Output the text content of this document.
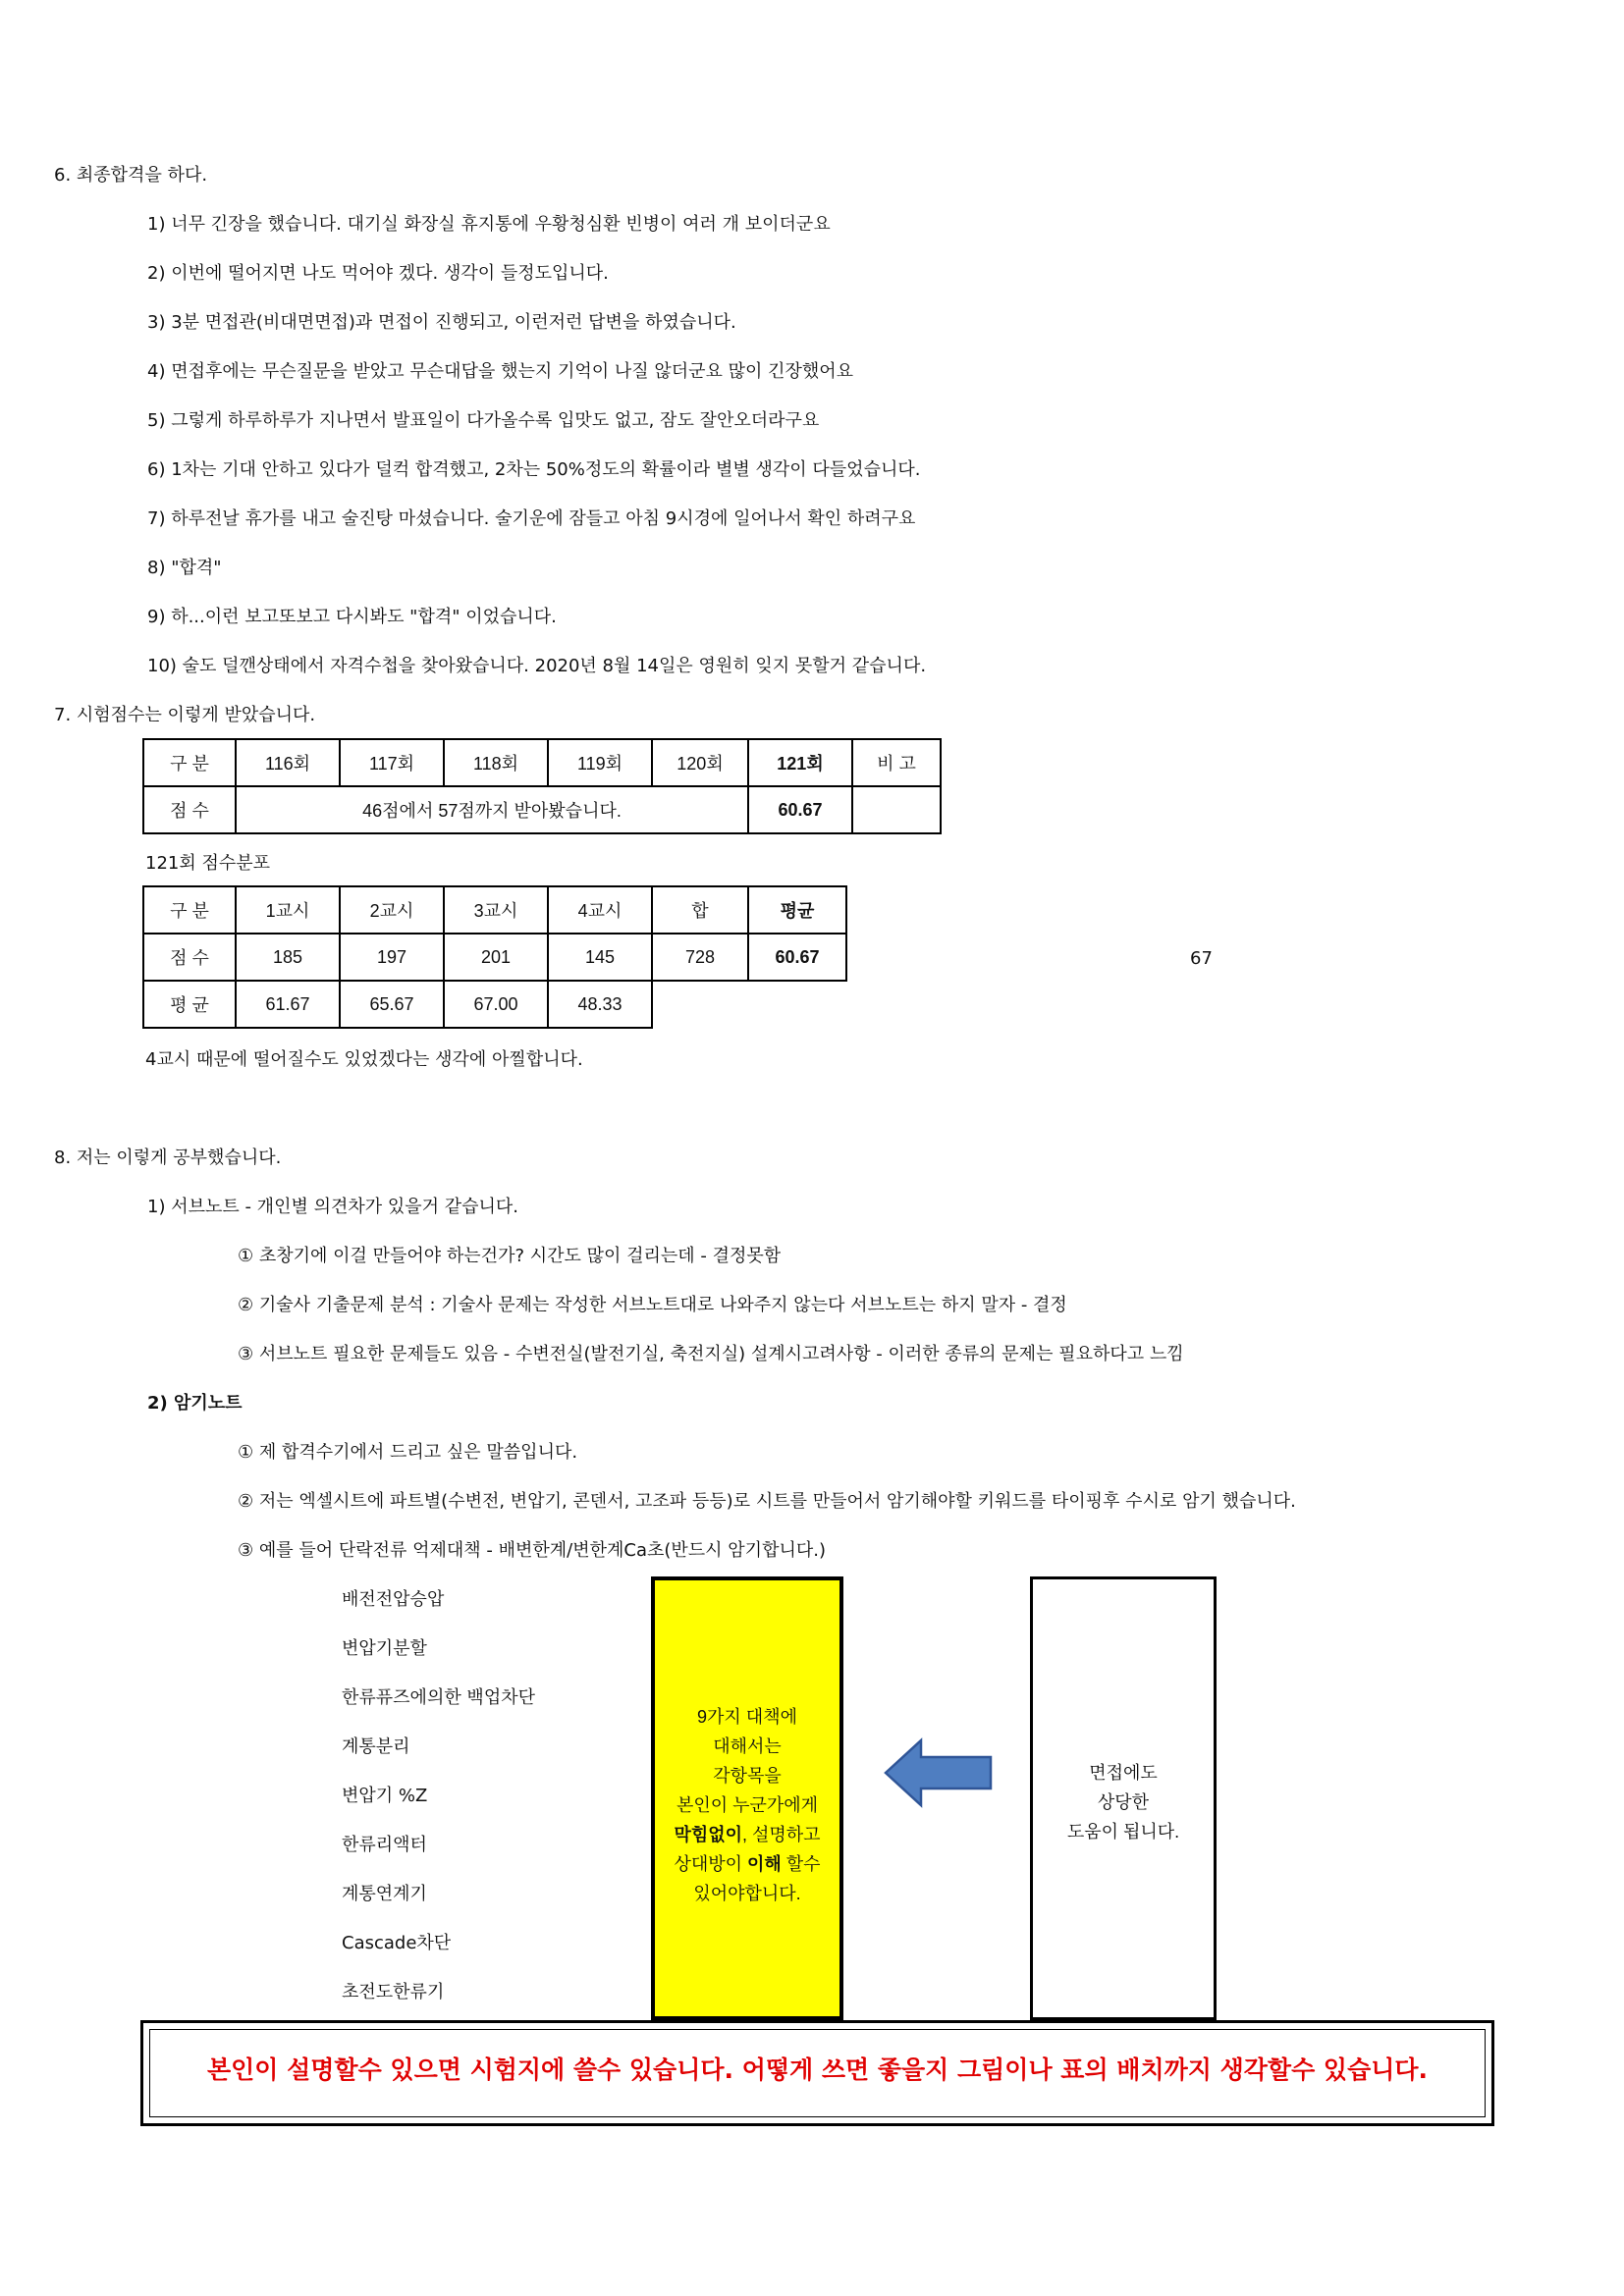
6. 최종합격을 하다.
1) 너무 긴장을 했습니다. 대기실 화장실 휴지통에 우황청심환 빈병이 여러 개 보이더군요
2) 이번에 떨어지면 나도 먹어야 겠다. 생각이 들정도입니다.
3) 3분 면접관(비대면면접)과 면접이 진행되고, 이런저런 답변을 하였습니다.
4) 면접후에는 무슨질문을 받았고 무슨대답을 했는지 기억이 나질 않더군요 많이 긴장했어요
5) 그렇게 하루하루가 지나면서 발표일이 다가올수록 입맛도 없고, 잠도 잘안오더라구요
6) 1차는 기대 안하고 있다가 덜컥 합격했고, 2차는 50%정도의 확률이라 별별 생각이 다들었습니다.
7) 하루전날 휴가를 내고 술진탕 마셨습니다. 술기운에 잠들고 아침 9시경에 일어나서 확인 하려구요
8) "합격"
9) 하...이런 보고또보고 다시봐도 "합격" 이었습니다.
10) 술도 덜깬상태에서 자격수첩을 찾아왔습니다. 2020년 8월 14일은 영원히 잊지 못할거 같습니다.
7. 시험점수는 이렇게 받았습니다.
구 분	116회	117회	118회	119회	120회	121회	비 고
점 수	46점에서 57점까지 받아봤습니다.					60.67	
121회 점수분포
구 분	1교시	2교시	3교시	4교시	합	평균
점 수	185	197	201	145	728	60.67
평 균	61.67	65.67	67.00	48.33		
67
4교시 때문에 떨어질수도 있었겠다는 생각에 아찔합니다.
8. 저는 이렇게 공부했습니다.
1) 서브노트 - 개인별 의견차가 있을거 같습니다.
① 초창기에 이걸 만들어야 하는건가? 시간도 많이 걸리는데 - 결정못함
② 기술사 기출문제 분석 : 기술사 문제는 작성한 서브노트대로 나와주지 않는다 서브노트는 하지 말자 - 결정
③ 서브노트 필요한 문제들도 있음 - 수변전실(발전기실, 축전지실) 설계시고려사항 - 이러한 종류의 문제는 필요하다고 느낌
2) 암기노트
① 제 합격수기에서 드리고 싶은 말씀입니다.
② 저는 엑셀시트에 파트별(수변전, 변압기, 콘덴서, 고조파 등등)로 시트를 만들어서 암기해야할 키워드를 타이핑후 수시로 암기 했습니다.
③ 예를 들어 단락전류 억제대책 - 배변한계/변한계Ca초(반드시 암기합니다.)
배전전압승압
변압기분할
한류퓨즈에의한 백업차단
계통분리
변압기 %Z
한류리액터
계통연계기
Cascade차단
초전도한류기
9가지 대책에
대해서는
각항목을
본인이 누군가에게
막힘없이, 설명하고
상대방이 이해 할수
있어야합니다.
면접에도
상당한
도움이 됩니다.
본인이 설명할수 있으면 시험지에 쓸수 있습니다. 어떻게 쓰면 좋을지 그림이나 표의 배치까지 생각할수 있습니다.
